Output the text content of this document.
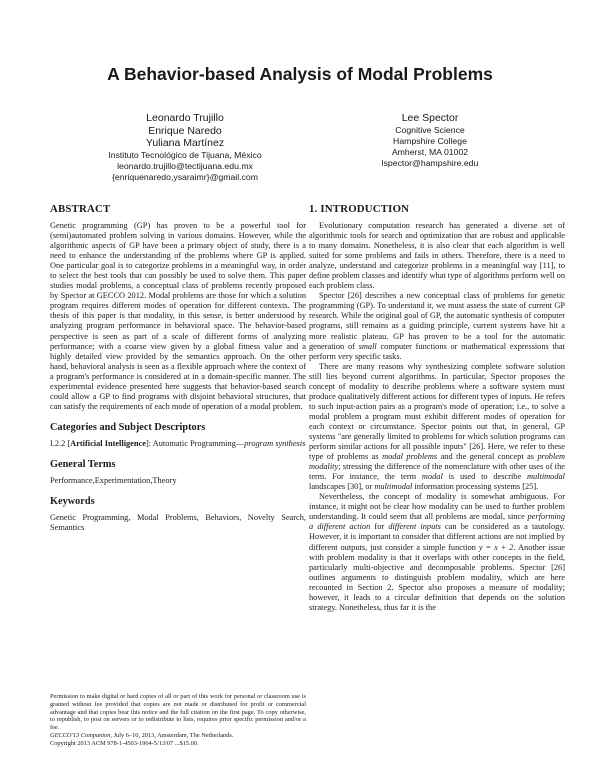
A Behavior-based Analysis of Modal Problems
Leonardo Trujillo
Enrique Naredo
Yuliana Martínez
Instituto Tecnológico de Tijuana, México
leonardo.trujillo@tectijuana.edu.mx
{enriquenaredo,ysaraimr}@gmail.com
Lee Spector
Cognitive Science
Hampshire College
Amherst, MA 01002
lspector@hampshire.edu
ABSTRACT

Genetic programming (GP) has proven to be a powerful tool for (semi)automated problem solving in various domains. However, while the algorithmic aspects of GP have been a primary object of study, there is a need to enhance the understanding of the problems where GP is applied. One particular goal is to categorize problems in a meaningful way, in order to select the best tools that can possibly be used to solve them. This paper studies modal problems, a conceptual class of problems recently proposed by Spector at GECCO 2012. Modal problems are those for which a solution program requires different modes of operation for different contexts. The thesis of this paper is that modality, in this sense, is better understood by analyzing program performance in behavioral space. The behavior-based perspective is seen as part of a scale of different forms of analyzing performance; with a coarse view given by a global fitness value and a highly detailed view provided by the semantics approach. On the other hand, behavioral analysis is seen as a flexible approach where the context of a program's performance is considered at in a domain-specific manner. The experimental evidence presented here suggests that behavior-based search could allow a GP to find programs with disjoint behavioral structures, that can satisfy the requirements of each mode of operation of a modal problem.

Categories and Subject Descriptors

I.2.2 [Artificial Intelligence]: Automatic Programming—program synthesis

General Terms

Performance,Experimentation,Theory

Keywords

Genetic Programming, Modal Problems, Behaviors, Novelty Search, Semantics

Permission to make digital or hard copies of all or part of this work for personal or classroom use is granted without fee provided that copies are not made or distributed for profit or commercial advantage and that copies bear this notice and the full citation on the first page. To copy otherwise, to republish, to post on servers or to redistribute to lists, requires prior specific permission and/or a fee.

GECCO'13 Companion, July 6–10, 2013, Amsterdam, The Netherlands.

Copyright 2013 ACM 978-1-4503-1964-5/13/07 ...$15.00.

1. INTRODUCTION

Evolutionary computation research has generated a diverse set of algorithmic tools for search and optimization that are robust and applicable to many domains. Nonetheless, it is also clear that each algorithm is well suited for some problems and fails in others. Therefore, there is a need to analyze, understand and categorize problems in a meaningful way [11], to define problem classes and identify what type of algorithms perform well on each problem class.

Spector [26] describes a new conceptual class of problems for genetic programming (GP). To understand it, we must assess the state of current GP research. While the original goal of GP, the automatic synthesis of computer programs, still remains as a guiding principle, current systems have hit a more realistic plateau. GP has proven to be a tool for the automatic generation of small computer functions or mathematical expressions that perform very specific tasks.

There are many reasons why synthesizing complete software solution still lies beyond current algorithms. In particular, Spector proposes the concept of modality to describe problems where a software system must produce qualitatively different actions for different types of inputs. He refers to such input-action pairs as a program's mode of operation; i.e., to solve a modal problem a program must exhibit different modes of operation for each context or circumstance. Spector points out that, in general, GP systems "are generally limited to problems for which solution programs can perform similar actions for all possible inputs" [26]. Here, we refer to these type of problems as modal problems and the general concept as problem modality; stressing the difference of the nomenclature with other uses of the term. For instance, the term modal is used to describe multimodal landscapes [30], or multimodal information processing systems [25].

Nevertheless, the concept of modality is somewhat ambiguous. For instance, it might not be clear how modality can be used to further problem understanding. It could seem that all problems are modal, since performing a different action for different inputs can be considered as a tautology. However, it is important to consider that different actions are not implied by different outputs, just consider a simple function y = x + 2. Another issue with problem modality is that it overlaps with other concepts in the field, particularly multi-objective and decomposable problems. Spector [26] outlines arguments to distinguish problem modality, which are here recounted in Section 2. Spector also proposes a measure of modality; however, it leads to a circular definition that depends on the solution strategy. Nonetheless, thus far it is the
